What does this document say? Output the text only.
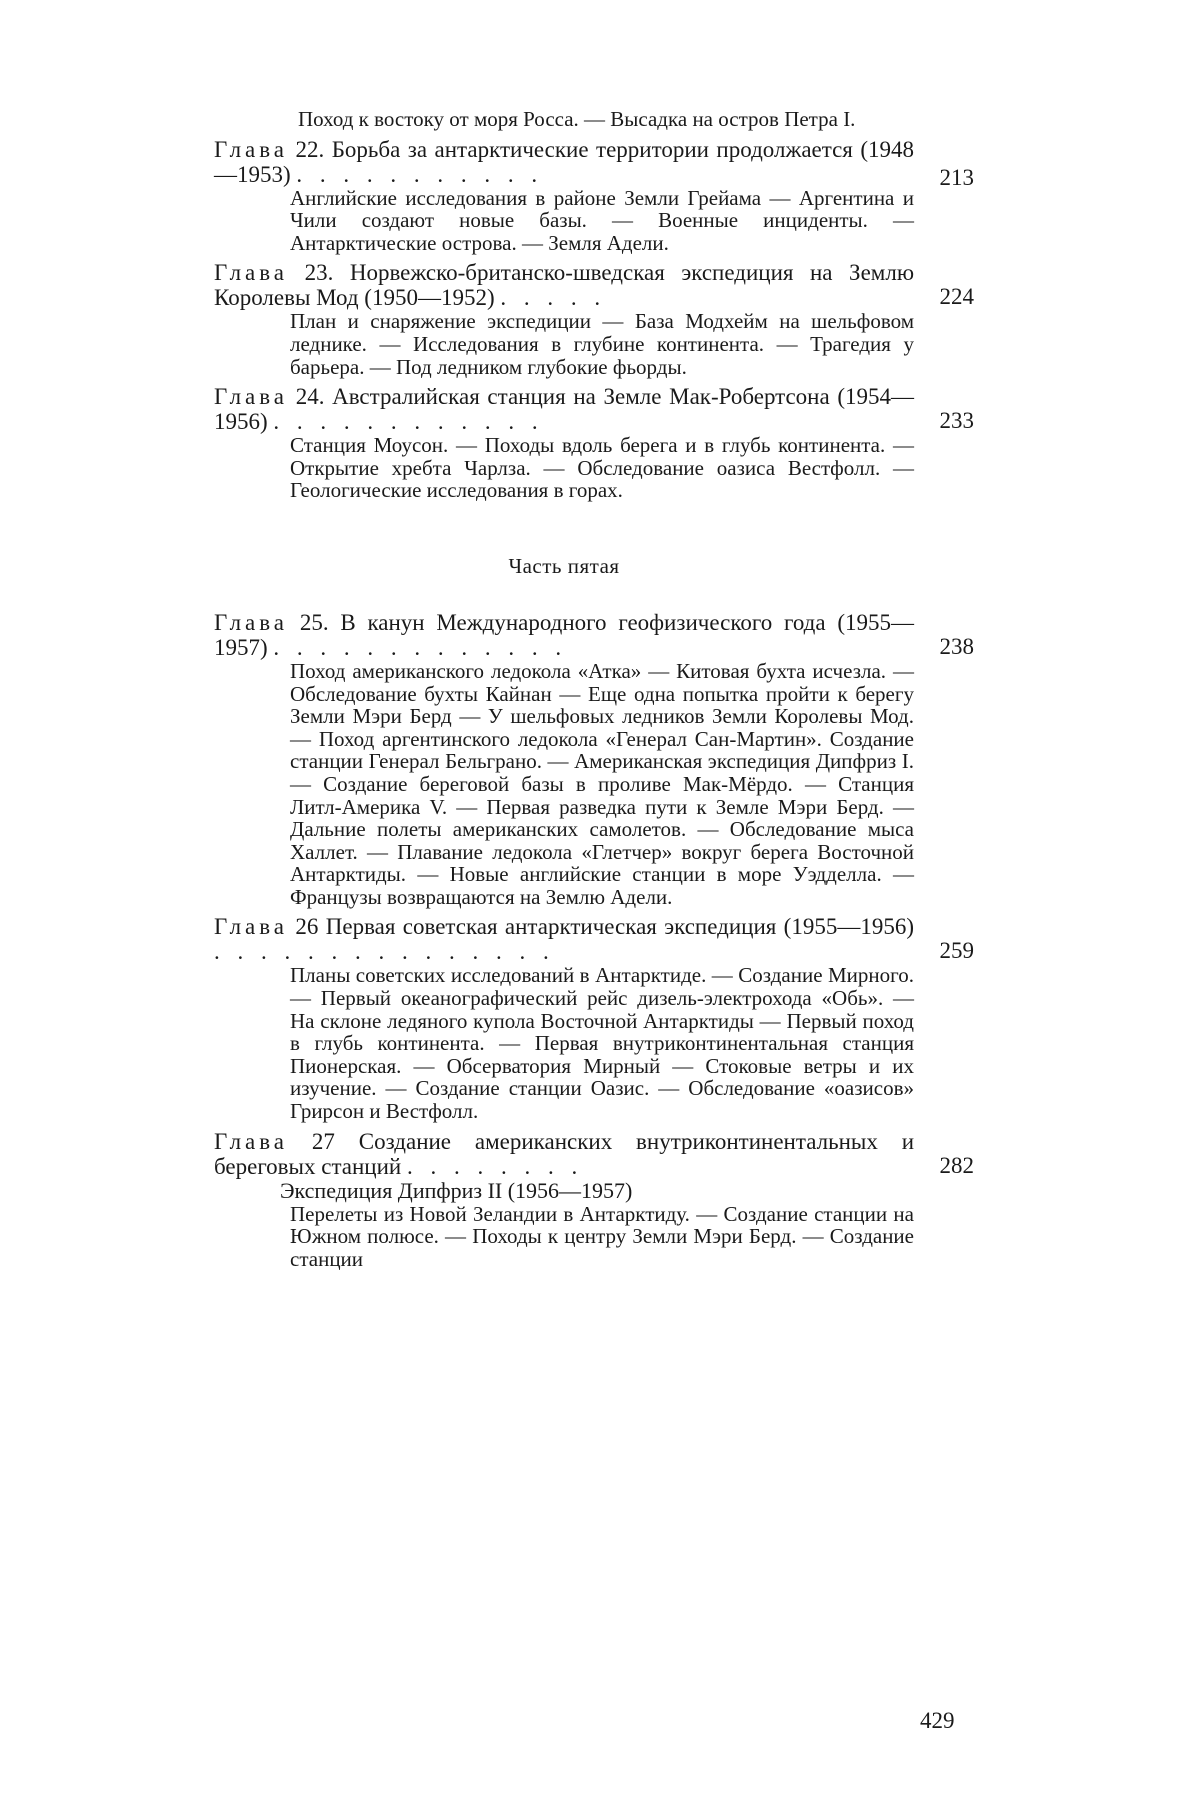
Поход к востоку от моря Росса. — Высадка на остров Петра I.
Глава 22. Борьба за антарктические территории продолжается (1948—1953) . . . . . . . . . . .	213
Английские исследования в районе Земли Грейама — Аргентина и Чили создают новые базы. — Военные инциденты. — Антарктические острова. — Земля Адели.
Глава 23. Норвежско-британско-шведская экспедиция на Землю Королевы Мод (1950—1952) . . . . .	224
План и снаряжение экспедиции — База Модхейм на шельфовом леднике. — Исследования в глубине континента. — Трагедия у барьера. — Под ледником глубокие фьорды.
Глава 24. Австралийская станция на Земле Мак-Робертсона (1954—1956) . . . . . . . . . . . .	233
Станция Моусон. — Походы вдоль берега и в глубь континента. — Открытие хребта Чарлза. — Обследование оазиса Вестфолл. — Геологические исследования в горах.
Часть пятая
Глава 25. В канун Международного геофизического года (1955—1957) . . . . . . . . . . . . .	238
Поход американского ледокола «Атка» — Китовая бухта исчезла. — Обследование бухты Кайнан — Еще одна попытка пройти к берегу Земли Мэри Берд — У шельфовых ледников Земли Королевы Мод. — Поход аргентинского ледокола «Генерал Сан-Мартин». Создание станции Генерал Бельграно. — Американская экспедиция Дипфриз I. — Создание береговой базы в проливе Мак-Мёрдо. — Станция Литл-Америка V. — Первая разведка пути к Земле Мэри Берд. — Дальние полеты американских самолетов. — Обследование мыса Халлет. — Плавание ледокола «Глетчер» вокруг берега Восточной Антарктиды. — Новые английские станции в море Уэдделла. — Французы возвращаются на Землю Адели.
Глава 26 Первая советская антарктическая экспедиция (1955—1956) . . . . . . . . . . . . . . .	259
Планы советских исследований в Антарктиде. — Создание Мирного. — Первый океанографический рейс дизель-электрохода «Обь». — На склоне ледяного купола Восточной Антарктиды — Первый поход в глубь континента. — Первая внутриконтинентальная станция Пионерская. — Обсерватория Мирный — Стоковые ветры и их изучение. — Создание станции Оазис. — Обследование «оазисов» Грирсон и Вестфолл.
Глава 27 Создание американских внутриконтинентальных и береговых станций . . . . . . . .	282
Экспедиция Дипфриз II (1956—1957)
Перелеты из Новой Зеландии в Антарктиду. — Создание станции на Южном полюсе. — Походы к центру Земли Мэри Берд. — Создание станции
429
